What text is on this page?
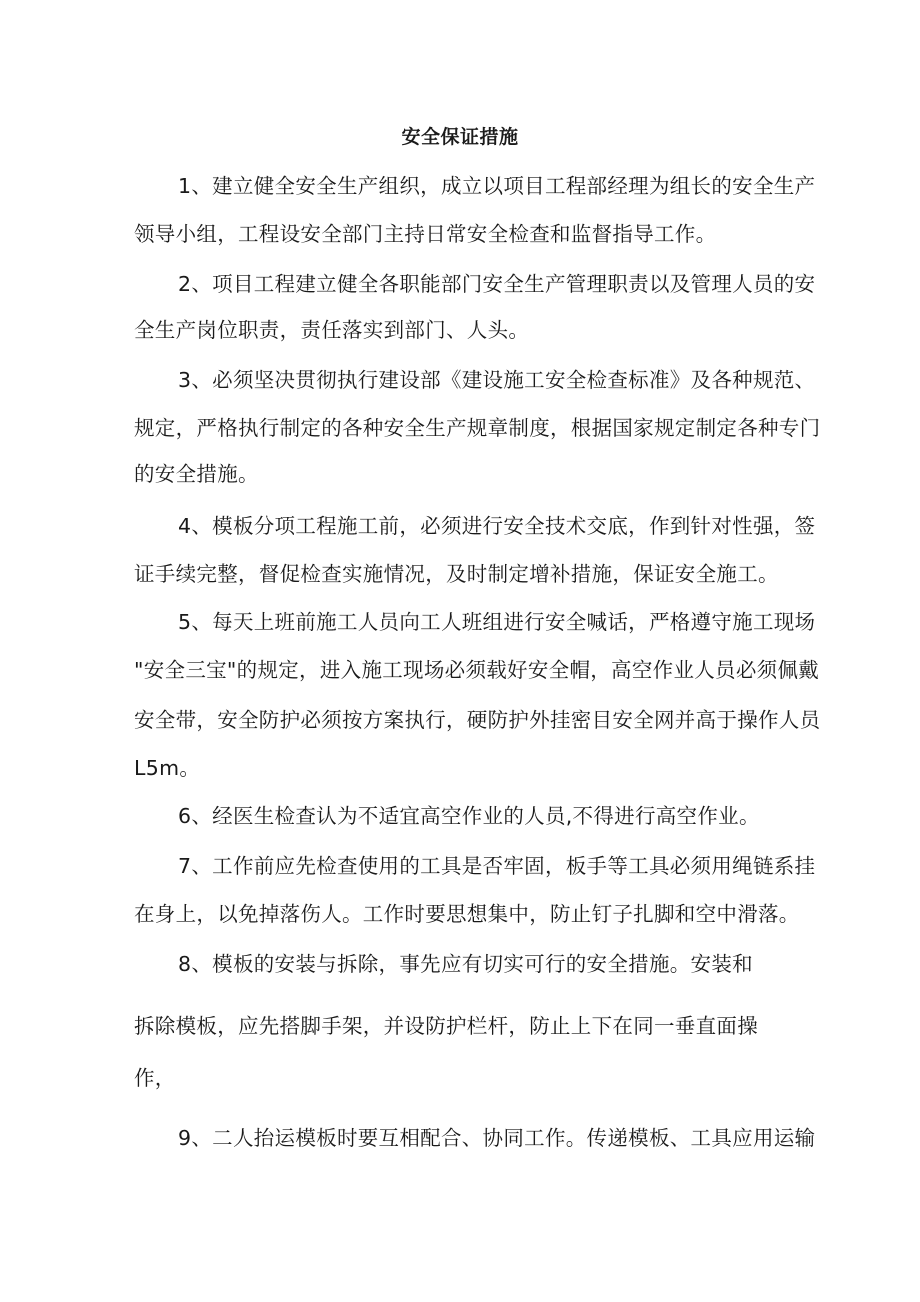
安全保证措施
1、建立健全安全生产组织，成立以项目工程部经理为组长的安全生产
领导小组，工程设安全部门主持日常安全检查和监督指导工作。
2、项目工程建立健全各职能部门安全生产管理职责以及管理人员的安
全生产岗位职责，责任落实到部门、人头。
3、必须坚决贯彻执行建设部《建设施工安全检查标准》及各种规范、
规定，严格执行制定的各种安全生产规章制度，根据国家规定制定各种专门
的安全措施。
4、模板分项工程施工前，必须进行安全技术交底，作到针对性强，签
证手续完整，督促检查实施情况，及时制定增补措施，保证安全施工。
5、每天上班前施工人员向工人班组进行安全喊话，严格遵守施工现场
"安全三宝"的规定，进入施工现场必须载好安全帽，高空作业人员必须佩戴
安全带，安全防护必须按方案执行，硬防护外挂密目安全网并高于操作人员
L5m。
6、经医生检查认为不适宜高空作业的人员,不得进行高空作业。
7、工作前应先检查使用的工具是否牢固，板手等工具必须用绳链系挂
在身上，以免掉落伤人。工作时要思想集中，防止钉子扎脚和空中滑落。
8、模板的安装与拆除，事先应有切实可行的安全措施。安装和
拆除模板，应先搭脚手架，并设防护栏杆，防止上下在同一垂直面操
作，
9、二人抬运模板时要互相配合、协同工作。传递模板、工具应用运输
